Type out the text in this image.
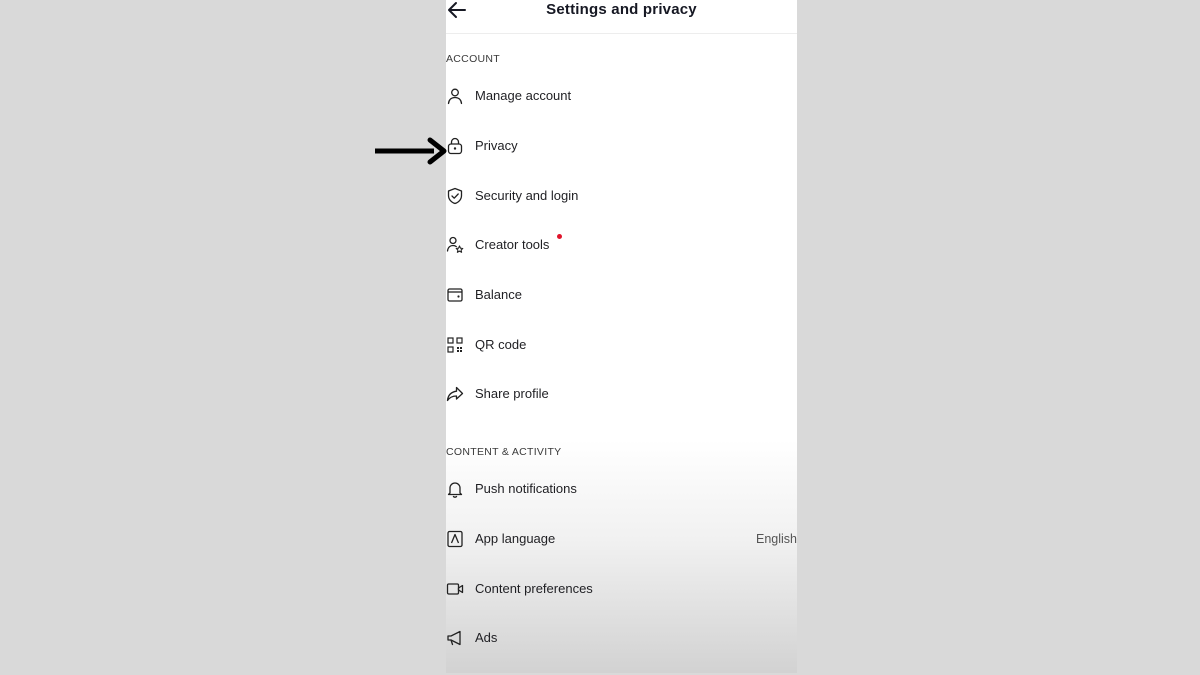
Settings and privacy
ACCOUNT
Manage account
Privacy
Security and login
Creator tools
Balance
QR code
Share profile
CONTENT & ACTIVITY
Push notifications
App language	English
Content preferences
Ads
